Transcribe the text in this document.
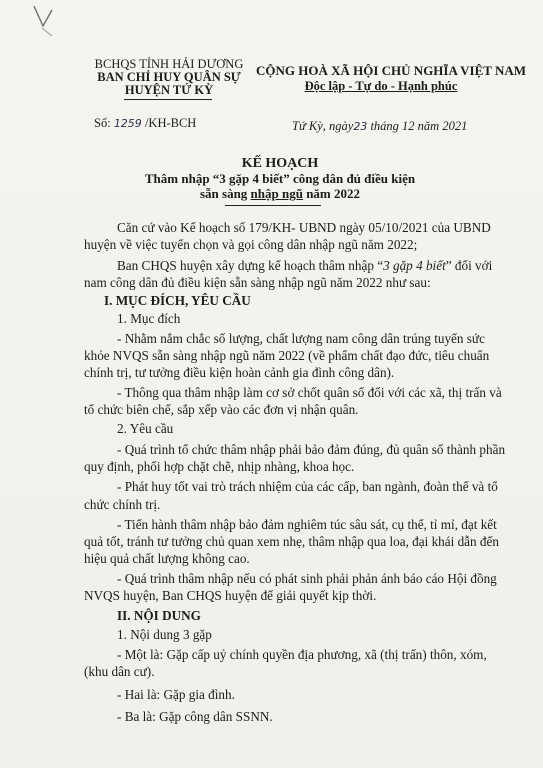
BCHQS TỈNH HẢI DƯƠNG
BAN CHỈ HUY QUÂN SỰ
HUYỆN TỨ KỲ
Số: 1259 /KH-BCH
CỘNG HOÀ XÃ HỘI CHỦ NGHĨA VIỆT NAM
Độc lập - Tự do - Hạnh phúc
Tứ Kỳ, ngày23 tháng 12 năm 2021
KẾ HOẠCH
Thâm nhập “3 gặp 4 biết” công dân đủ điều kiện
sẵn sàng nhập ngũ năm 2022
Căn cứ vào Kế hoạch số 179/KH- UBND ngày 05/10/2021 của UBND
huyện về việc tuyển chọn và gọi công dân nhập ngũ năm 2022;
Ban CHQS huyện xây dựng kế hoạch thâm nhập “3 gặp 4 biết” đối với
nam công dân đủ điều kiện sẵn sàng nhập ngũ năm 2022 như sau:
I. MỤC ĐÍCH, YÊU CẦU
1. Mục đích
- Nhằm nắm chắc số lượng, chất lượng nam công dân trúng tuyển sức
khỏe NVQS sẵn sàng nhập ngũ năm 2022 (về phẩm chất đạo đức, tiêu chuẩn
chính trị, tư tưởng điều kiện hoàn cảnh gia đình công dân).
- Thông qua thâm nhập làm cơ sở chốt quân số đối với các xã, thị trấn và
tổ chức biên chế, sắp xếp vào các đơn vị nhận quân.
2. Yêu cầu
- Quá trình tổ chức thâm nhập phải bảo đảm đúng, đủ quân số thành phần
quy định, phối hợp chặt chẽ, nhịp nhàng, khoa học.
- Phát huy tốt vai trò trách nhiệm của các cấp, ban ngành, đoàn thể và tổ
chức chính trị.
- Tiến hành thâm nhập bảo đảm nghiêm túc sâu sát, cụ thể, tỉ mỉ, đạt kết
quả tốt, tránh tư tưởng chủ quan xem nhẹ, thâm nhập qua loa, đại khái dẫn đến
hiệu quả chất lượng không cao.
- Quá trình thâm nhập nếu có phát sinh phải phản ánh báo cáo Hội đồng
NVQS huyện, Ban CHQS huyện để giải quyết kịp thời.
II. NỘI DUNG
1. Nội dung 3 gặp
- Một là: Gặp cấp uỷ chính quyền địa phương, xã (thị trấn) thôn, xóm,
(khu dân cư).
- Hai là: Gặp gia đình.
- Ba là: Gặp công dân SSNN.
